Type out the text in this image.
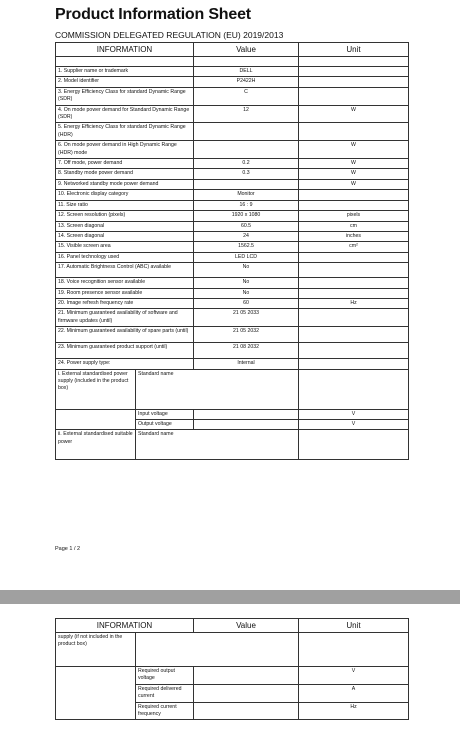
Product Information Sheet
COMMISSION DELEGATED REGULATION (EU) 2019/2013
INFORMATION		Value	Unit

1. Supplier name or trademark		DELL	
2. Model identifier		P2422H	
3. Energy Efficiency Class for standard Dynamic Range (SDR)		C	
4. On mode power demand for Standard Dynamic Range (SDR)		12	W
5. Energy Efficiency Class for standard Dynamic Range (HDR)			
6. On mode power demand in High Dynamic Range (HDR) mode			W
7. Off mode, power demand		0.2	W
8. Standby mode power demand		0.3	W
9. Networked standby mode power demand			W
10. Electronic display category		Monitor	
11. Size ratio		16 : 9	
12. Screen resolution (pixels)		1920 x 1080	pixels
13. Screen diagonal		60.5	cm
14. Screen diagonal		24	inches
15. Visible screen area		1562.5	cm²
16. Panel technology used		LED LCD	
17. Automatic Brightness Control (ABC) available		No	
18. Voice recognition sensor available		No	
19. Room presence sensor available		No	
20. Image refresh frequency rate		60	Hz
21. Minimum guaranteed availability of software and firmware updates (until)		21 05 2033	
22. Minimum guaranteed availability of spare parts (until)		21 05 2032	
23. Minimum guaranteed product support (until)		21 08 2032	
24. Power supply type:		Internal	
i. External standardised power supply (included in the product box)	Standard name		
	Input voltage		V
	Output voltage		V
ii. External standardised suitable power	Standard name		
Page 1 / 2
INFORMATION		Value	Unit
supply (if not included in the product box)			
	Required output voltage		V
	Required delivered current		A
	Required current frequency		Hz
